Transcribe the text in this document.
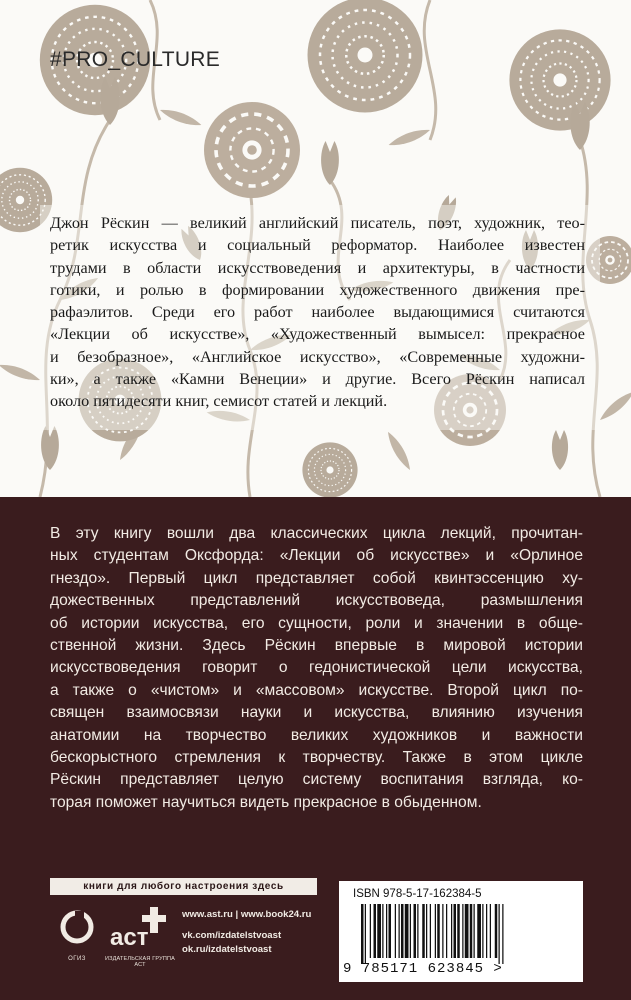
#PRO_CULTURE

Джон Рёскин — великий английский писатель, поэт, художник, тео-
ретик искусства и социальный реформатор. Наиболее известен
трудами в области искусствоведения и архитектуры, в частности
готики, и ролью в формировании художественного движения пре-
рафаэлитов. Среди его работ наиболее выдающимися считаются
«Лекции об искусстве», «Художественный вымысел: прекрасное
и безобразное», «Английское искусство», «Современные художни-
ки», а также «Камни Венеции» и другие. Всего Рёскин написал
около пятидесяти книг, семисот статей и лекций.

В эту книгу вошли два классических цикла лекций, прочитан-
ных студентам Оксфорда: «Лекции об искусстве» и «Орлиное
гнездо». Первый цикл представляет собой квинтэссенцию ху-
дожественных представлений искусствоведа, размышления
об истории искусства, его сущности, роли и значении в обще-
ственной жизни. Здесь Рёскин впервые в мировой истории
искусствоведения говорит о гедонистической цели искусства,
а также о «чистом» и «массовом» искусстве. Второй цикл по-
священ взаимосвязи науки и искусства, влиянию изучения
анатомии на творчество великих художников и важности
бескорыстного стремления к творчеству. Также в этом цикле
Рёскин представляет целую систему воспитания взгляда, ко-
торая поможет научиться видеть прекрасное в обыденном.

книги для любого настроения здесь
ОГИЗ
аст
ИЗДАТЕЛЬСКАЯ ГРУППА АСТ
www.ast.ru | www.book24.ru
vk.com/izdatelstvoast
ok.ru/izdatelstvoast
ISBN 978-5-17-162384-5
9 785171 623845 >
